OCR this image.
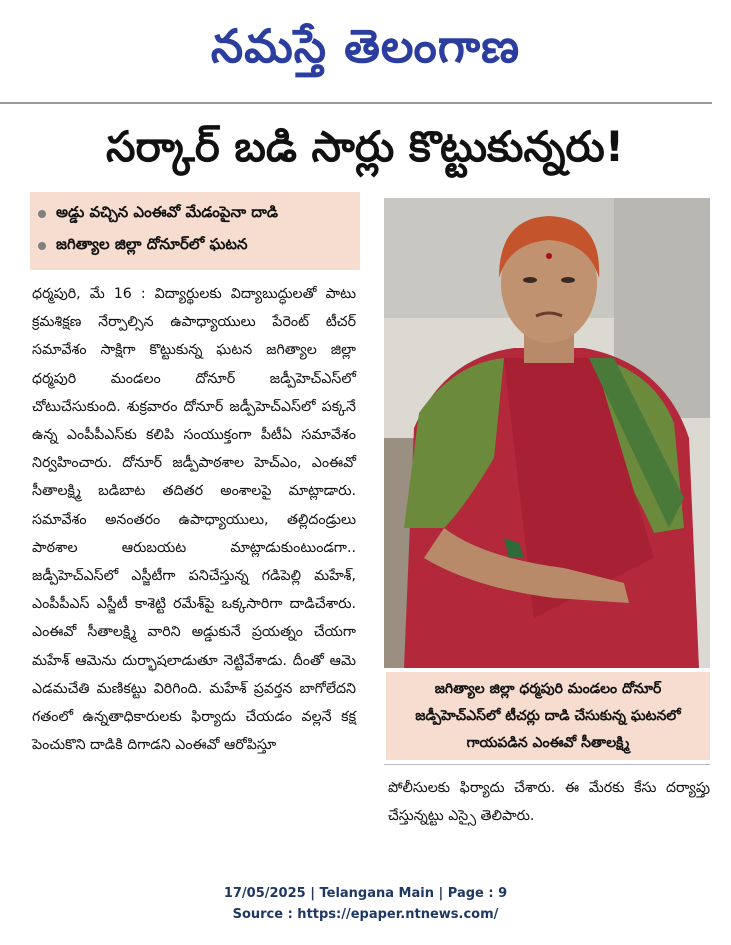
నమస్తే తెలంగాణ
సర్కార్ బడి సార్లు కొట్టుకున్నరు!
అడ్డు వచ్చిన ఎంఈవో మేడంపైనా దాడి
జగిత్యాల జిల్లా దోనూర్‌లో ఘటన
ధర్మపురి, మే 16 : విద్యార్థులకు విద్యాబుద్ధులతో పాటు క్రమశిక్షణ నేర్పాల్సిన ఉపాధ్యాయులు పేరెంట్ టీచర్ సమావేశం సాక్షిగా కొట్టుకున్న ఘటన జగిత్యాల జిల్లా ధర్మపురి మండలం దోనూర్ జడ్పీహెచ్ఎస్‌లో చోటుచేసుకుంది. శుక్రవారం దోనూర్ జడ్పీహెచ్ఎస్‌లో పక్కనే ఉన్న ఎంపీపీఎస్‌కు కలిపి సంయుక్తంగా పీటీఏ సమావేశం నిర్వహించారు. దోనూర్ జడ్పీపాఠశాల హెచ్ఎం, ఎంఈవో సీతాలక్ష్మి బడిబాట తదితర అంశాలపై మాట్లాడారు. సమావేశం అనంతరం ఉపాధ్యాయులు, తల్లిదండ్రులు పాఠశాల ఆరుబయట మాట్లాడుకుంటుండగా.. జడ్పీహెచ్ఎస్‌లో ఎస్జీటీగా పనిచేస్తున్న గడిపెల్లి మహేశ్, ఎంపీపీఎస్ ఎస్జీటీ కాశెట్టి రమేశ్‌పై ఒక్కసారిగా దాడిచేశారు. ఎంఈవో సీతాలక్ష్మి వారిని అడ్డుకునే ప్రయత్నం చేయగా మహేశ్ ఆమెను దుర్భాషలాడుతూ నెట్టివేశాడు. దీంతో ఆమె ఎడమచేతి మణికట్టు విరిగింది. మహేశ్ ప్రవర్తన బాగోలేదని గతంలో ఉన్నతాధికారులకు ఫిర్యాదు చేయడం వల్లనే కక్ష పెంచుకొని దాడికి దిగాడని ఎంఈవో ఆరోపిస్తూ
జగిత్యాల జిల్లా ధర్మపురి మండలం దోనూర్ జడ్పీహెచ్ఎస్‌లో టీచర్లు దాడి చేసుకున్న ఘటనలో గాయపడిన ఎంఈవో సీతాలక్ష్మి
పోలీసులకు ఫిర్యాదు చేశారు. ఈ మేరకు కేసు దర్యాప్తు చేస్తున్నట్టు ఎస్సై తెలిపారు.
17/05/2025 | Telangana Main | Page : 9
Source : https://epaper.ntnews.com/
